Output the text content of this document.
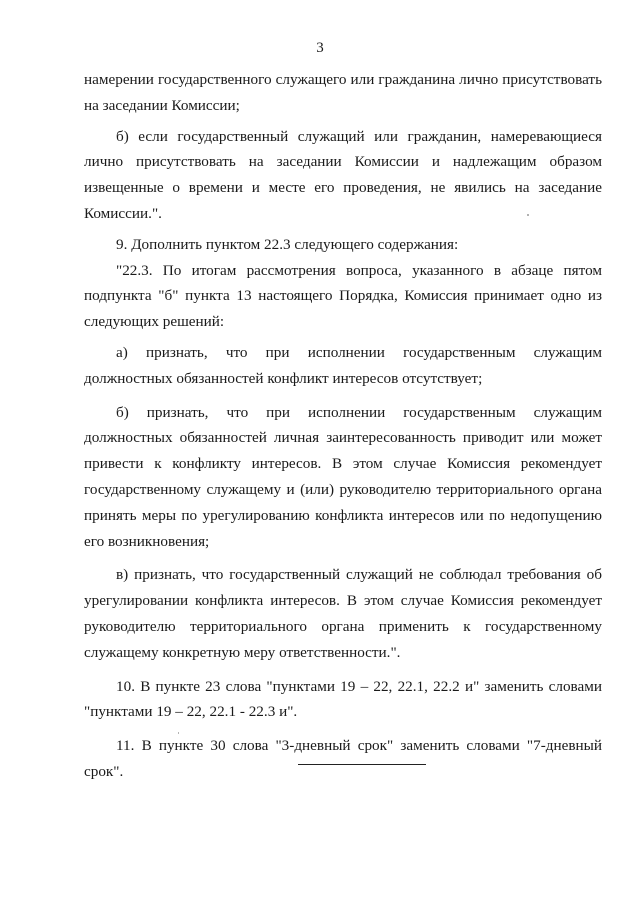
3

намерении государственного служащего или гражданина лично присутствовать на заседании Комиссии;

б) если государственный служащий или гражданин, намеревающиеся лично присутствовать на заседании Комиссии и надлежащим образом извещенные о времени и месте его проведения, не явились на заседание Комиссии.".

9. Дополнить пунктом 22.3 следующего содержания:

"22.3. По итогам рассмотрения вопроса, указанного в абзаце пятом подпункта "б" пункта 13 настоящего Порядка, Комиссия принимает одно из следующих решений:

а) признать, что при исполнении государственным служащим должностных обязанностей конфликт интересов отсутствует;

б) признать, что при исполнении государственным служащим должностных обязанностей личная заинтересованность приводит или может привести к конфликту интересов. В этом случае Комиссия рекомендует государственному служащему и (или) руководителю территориального органа принять меры по урегулированию конфликта интересов или по недопущению его возникновения;

в) признать, что государственный служащий не соблюдал требования об урегулировании конфликта интересов. В этом случае Комиссия рекомендует руководителю территориального органа применить к государственному служащему конкретную меру ответственности.".

10. В пункте 23 слова "пунктами 19 – 22, 22.1, 22.2 и" заменить словами "пунктами 19 – 22, 22.1 - 22.3 и".

11. В пункте 30 слова "3-дневный срок" заменить словами "7-дневный срок".
